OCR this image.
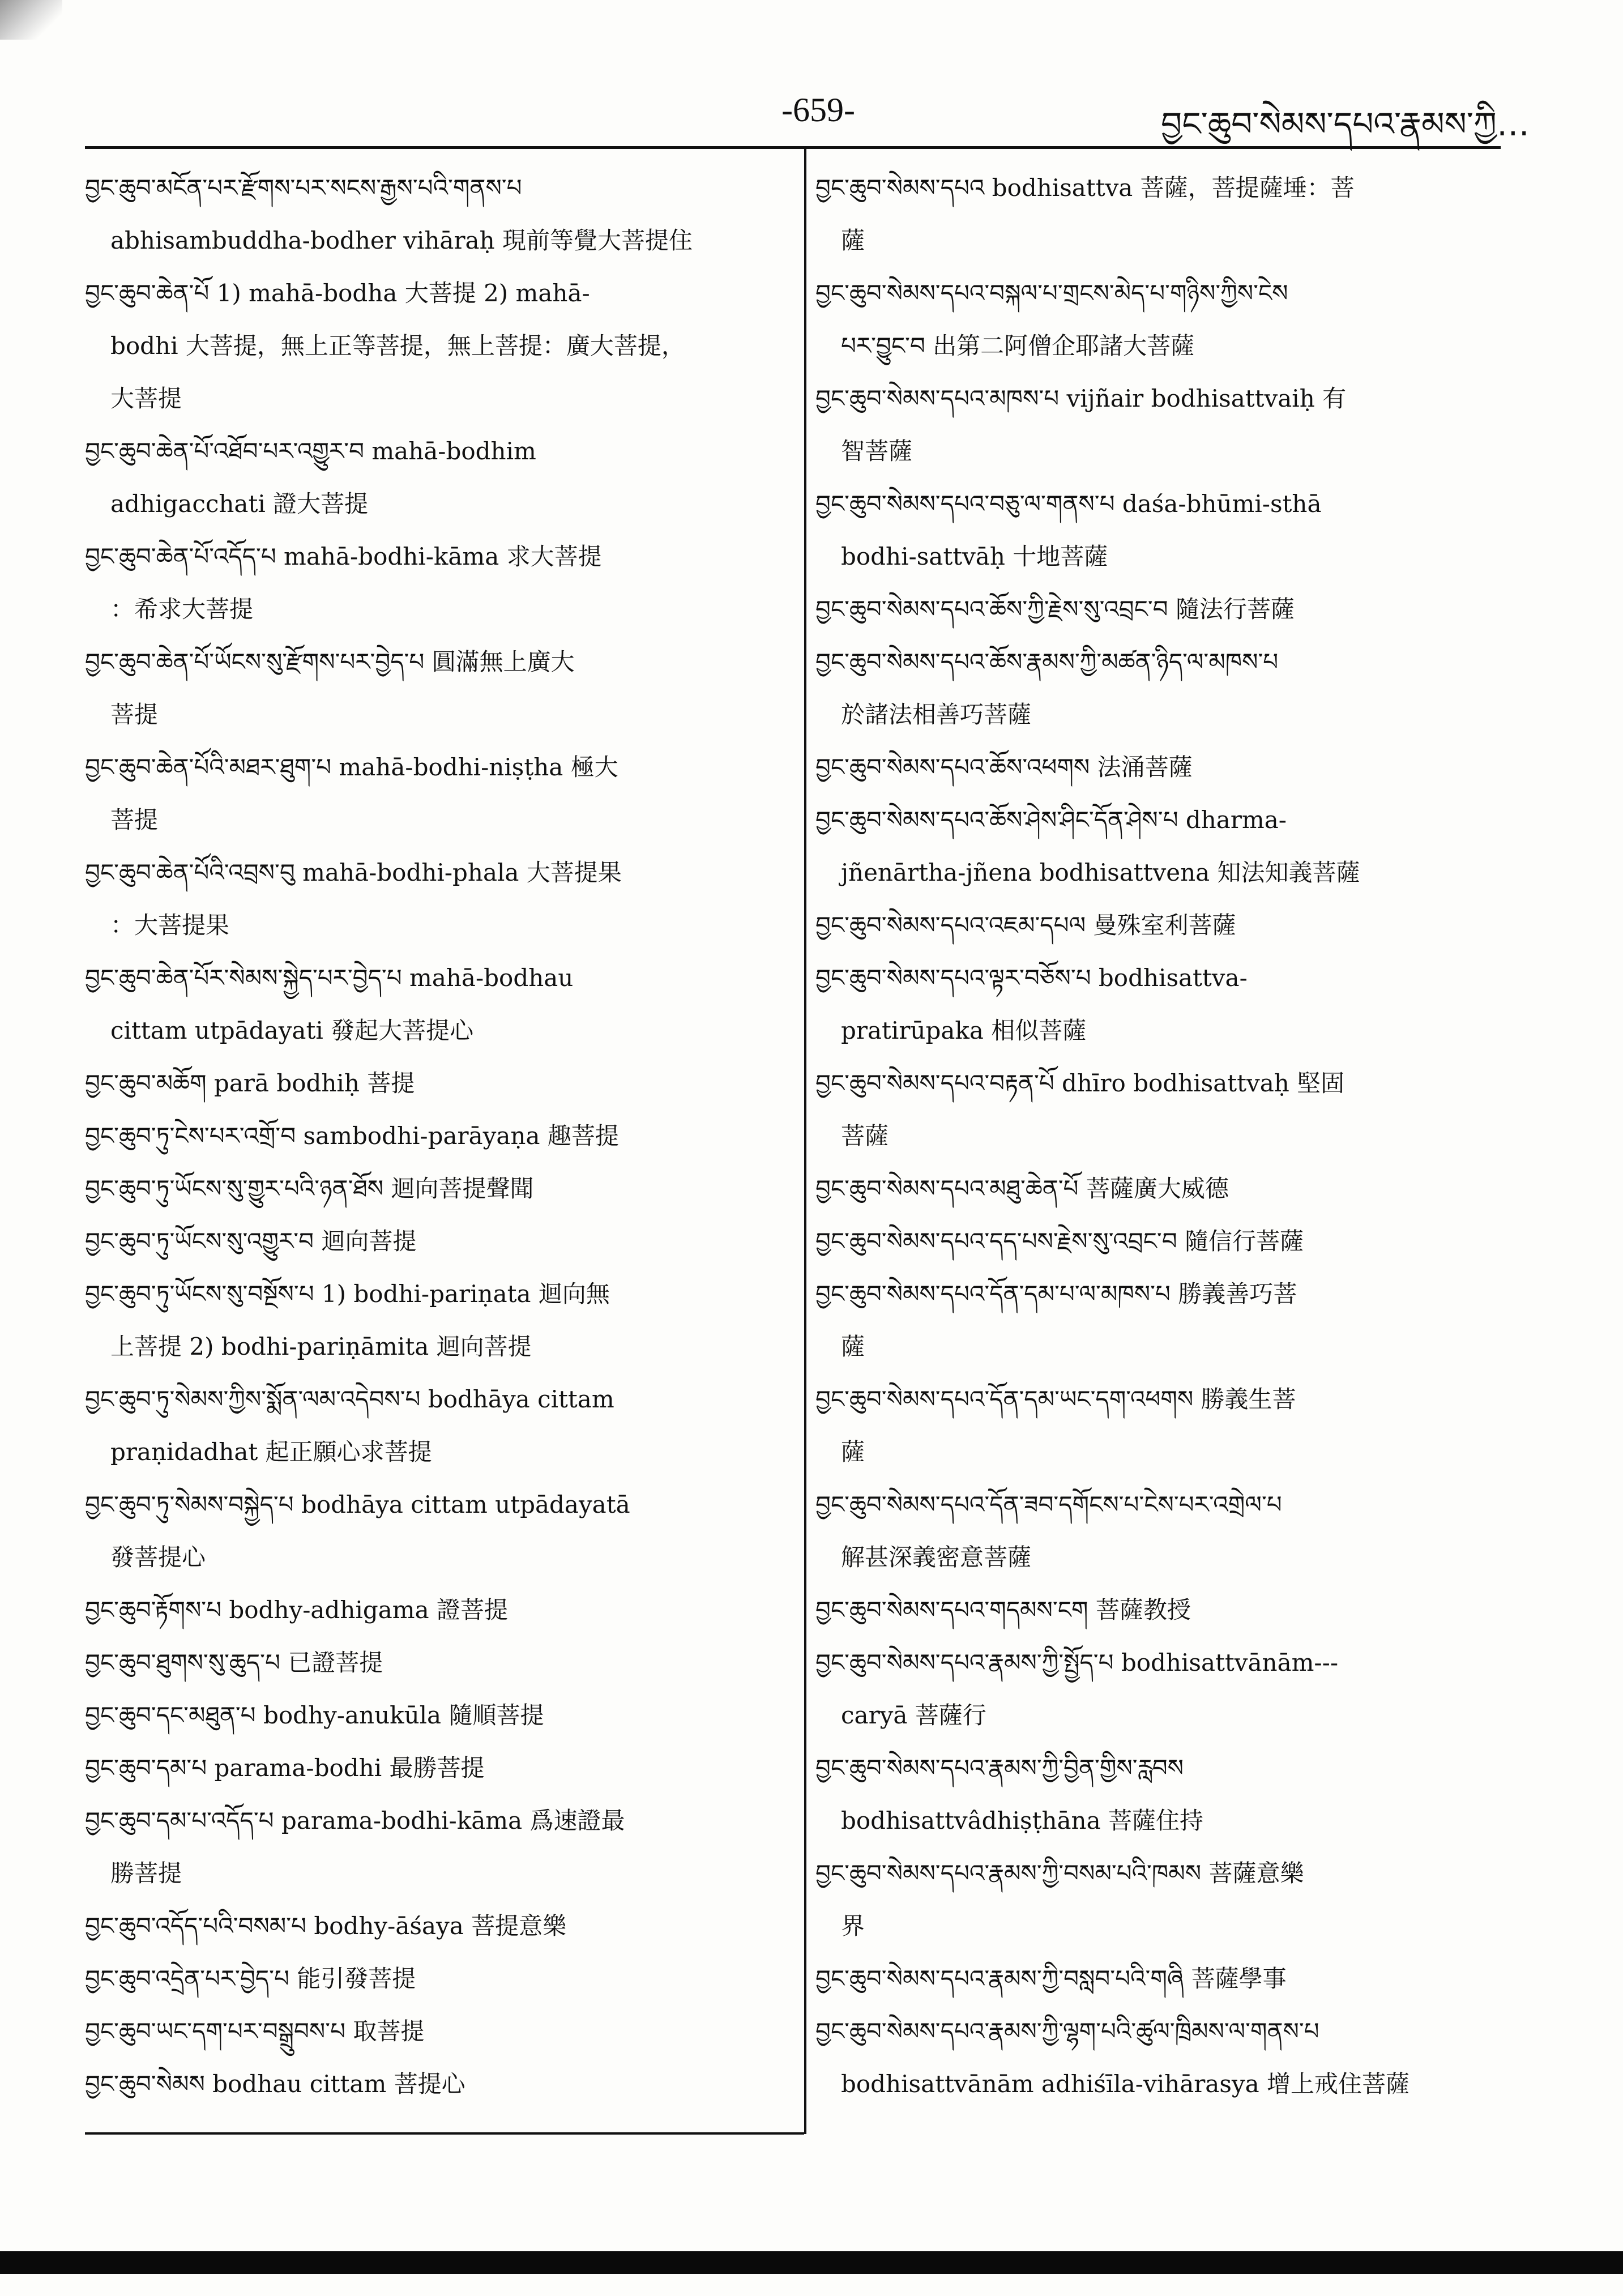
-659-	བྱང་ཆུབ་སེམས་དཔའ་རྣམས་ཀྱི…
བྱང་ཆུབ་མངོན་པར་རྫོགས་པར་སངས་རྒྱས་པའི་གནས་པ
abhisambuddha-bodher vihāraḥ 現前等覺大菩提住
བྱང་ཆུབ་ཆེན་པོ 1) mahā-bodha 大菩提 2) mahā-
bodhi 大菩提，無上正等菩提，無上菩提：廣大菩提，
大菩提
བྱང་ཆུབ་ཆེན་པོ་འཐོབ་པར་འགྱུར་བ mahā-bodhim
adhigacchati 證大菩提
བྱང་ཆུབ་ཆེན་པོ་འདོད་པ mahā-bodhi-kāma 求大菩提
：希求大菩提
བྱང་ཆུབ་ཆེན་པོ་ཡོངས་སུ་རྫོགས་པར་བྱེད་པ 圓滿無上廣大
菩提
བྱང་ཆུབ་ཆེན་པོའི་མཐར་ཐུག་པ mahā-bodhi-niṣṭha 極大
菩提
བྱང་ཆུབ་ཆེན་པོའི་འབྲས་བུ mahā-bodhi-phala 大菩提果
：大菩提果
བྱང་ཆུབ་ཆེན་པོར་སེམས་སྐྱེད་པར་བྱེད་པ mahā-bodhau
cittam utpādayati 發起大菩提心
བྱང་ཆུབ་མཆོག parā bodhiḥ 菩提
བྱང་ཆུབ་ཏུ་ངེས་པར་འགྲོ་བ sambodhi-parāyaṇa 趣菩提
བྱང་ཆུབ་ཏུ་ཡོངས་སུ་གྱུར་པའི་ཉན་ཐོས 迴向菩提聲聞
བྱང་ཆུབ་ཏུ་ཡོངས་སུ་འགྱུར་བ 迴向菩提
བྱང་ཆུབ་ཏུ་ཡོངས་སུ་བསྔོས་པ 1) bodhi-pariṇata 迴向無
上菩提 2) bodhi-pariṇāmita 迴向菩提
བྱང་ཆུབ་ཏུ་སེམས་ཀྱིས་སྨོན་ལམ་འདེབས་པ bodhāya cittam
praṇidadhat 起正願心求菩提
བྱང་ཆུབ་ཏུ་སེམས་བསྐྱེད་པ bodhāya cittam utpādayatā
發菩提心
བྱང་ཆུབ་རྟོགས་པ bodhy-adhigama 證菩提
བྱང་ཆུབ་ཐུགས་སུ་ཆུད་པ 已證菩提
བྱང་ཆུབ་དང་མཐུན་པ bodhy-anukūla 隨順菩提
བྱང་ཆུབ་དམ་པ parama-bodhi 最勝菩提
བྱང་ཆུབ་དམ་པ་འདོད་པ parama-bodhi-kāma 爲速證最
勝菩提
བྱང་ཆུབ་འདོད་པའི་བསམ་པ bodhy-āśaya 菩提意樂
བྱང་ཆུབ་འདྲེན་པར་བྱེད་པ 能引發菩提
བྱང་ཆུབ་ཡང་དག་པར་བསྒྲུབས་པ 取菩提
བྱང་ཆུབ་སེམས bodhau cittam 菩提心
བྱང་ཆུབ་སེམས་དཔའ bodhisattva 菩薩，菩提薩埵：菩
薩
བྱང་ཆུབ་སེམས་དཔའ་བསྐལ་པ་གྲངས་མེད་པ་གཉིས་ཀྱིས་ངེས
པར་བྱུང་བ 出第二阿僧企耶諸大菩薩
བྱང་ཆུབ་སེམས་དཔའ་མཁས་པ vijñair bodhisattvaiḥ 有
智菩薩
བྱང་ཆུབ་སེམས་དཔའ་བཅུ་ལ་གནས་པ daśa-bhūmi-sthā
bodhi-sattvāḥ 十地菩薩
བྱང་ཆུབ་སེམས་དཔའ་ཆོས་ཀྱི་རྗེས་སུ་འབྲང་བ 隨法行菩薩
བྱང་ཆུབ་སེམས་དཔའ་ཆོས་རྣམས་ཀྱི་མཚན་ཉིད་ལ་མཁས་པ
於諸法相善巧菩薩
བྱང་ཆུབ་སེམས་དཔའ་ཆོས་འཕགས 法涌菩薩
བྱང་ཆུབ་སེམས་དཔའ་ཆོས་ཤེས་ཤིང་དོན་ཤེས་པ dharma-
jñenārtha-jñena bodhisattvena 知法知義菩薩
བྱང་ཆུབ་སེམས་དཔའ་འཇམ་དཔལ 曼殊室利菩薩
བྱང་ཆུབ་སེམས་དཔའ་ལྟར་བཅོས་པ bodhisattva-
pratirūpaka 相似菩薩
བྱང་ཆུབ་སེམས་དཔའ་བརྟན་པོ dhīro bodhisattvaḥ 堅固
菩薩
བྱང་ཆུབ་སེམས་དཔའ་མཐུ་ཆེན་པོ 菩薩廣大威德
བྱང་ཆུབ་སེམས་དཔའ་དད་པས་རྗེས་སུ་འབྲང་བ 隨信行菩薩
བྱང་ཆུབ་སེམས་དཔའ་དོན་དམ་པ་ལ་མཁས་པ 勝義善巧菩
薩
བྱང་ཆུབ་སེམས་དཔའ་དོན་དམ་ཡང་དག་འཕགས 勝義生菩
薩
བྱང་ཆུབ་སེམས་དཔའ་དོན་ཟབ་དགོངས་པ་ངེས་པར་འགྲེལ་པ
解甚深義密意菩薩
བྱང་ཆུབ་སེམས་དཔའ་གདམས་ངག 菩薩教授
བྱང་ཆུབ་སེམས་དཔའ་རྣམས་ཀྱི་སྤྱོད་པ bodhisattvānām---
caryā 菩薩行
བྱང་ཆུབ་སེམས་དཔའ་རྣམས་ཀྱི་བྱིན་གྱིས་རླབས
bodhisattvâdhiṣṭhāna 菩薩住持
བྱང་ཆུབ་སེམས་དཔའ་རྣམས་ཀྱི་བསམ་པའི་ཁམས 菩薩意樂
界
བྱང་ཆུབ་སེམས་དཔའ་རྣམས་ཀྱི་བསླབ་པའི་གཞི 菩薩學事
བྱང་ཆུབ་སེམས་དཔའ་རྣམས་ཀྱི་ལྷག་པའི་ཚུལ་ཁྲིམས་ལ་གནས་པ
bodhisattvānām adhiśīla-vihārasya 增上戒住菩薩
